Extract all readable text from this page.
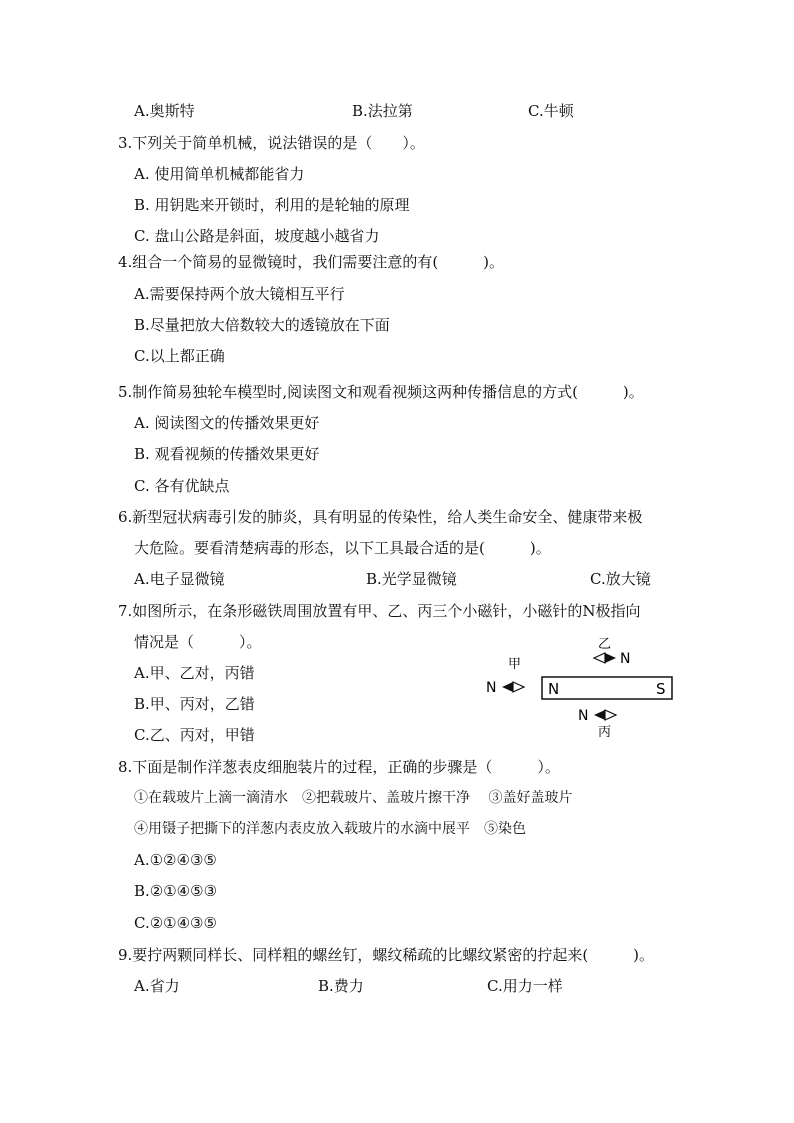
A.奥斯特	B.法拉第	C.牛顿
3.下列关于简单机械，说法错误的是（　　）。
A. 使用简单机械都能省力
B. 用钥匙来开锁时，利用的是轮轴的原理
C. 盘山公路是斜面，坡度越小越省力
4.组合一个简易的显微镜时，我们需要注意的有(　　　)。
A.需要保持两个放大镜相互平行
B.尽量把放大倍数较大的透镜放在下面
C.以上都正确
5.制作简易独轮车模型时,阅读图文和观看视频这两种传播信息的方式(　　　)。
A. 阅读图文的传播效果更好
B. 观看视频的传播效果更好
C. 各有优缺点
6.新型冠状病毒引发的肺炎，具有明显的传染性，给人类生命安全、健康带来极
大危险。要看清楚病毒的形态，以下工具最合适的是(　　　)。
A.电子显微镜	B.光学显微镜	C.放大镜
7.如图所示，在条形磁铁周围放置有甲、乙、丙三个小磁针，小磁针的N极指向
情况是（　　　）。
A.甲、乙对，丙错
B.甲、丙对，乙错
C.乙、丙对，甲错
N	S
甲
N
乙
N
N
丙
8.下面是制作洋葱表皮细胞装片的过程，正确的步骤是（　　　）。
①在载玻片上滴一滴清水　②把载玻片、盖玻片擦干净　 ③盖好盖玻片
④用镊子把撕下的洋葱内表皮放入载玻片的水滴中展平　⑤染色
A.①②④③⑤
B.②①④⑤③
C.②①④③⑤
9.要拧两颗同样长、同样粗的螺丝钉，螺纹稀疏的比螺纹紧密的拧起来(　　　)。
A.省力	B.费力	C.用力一样
